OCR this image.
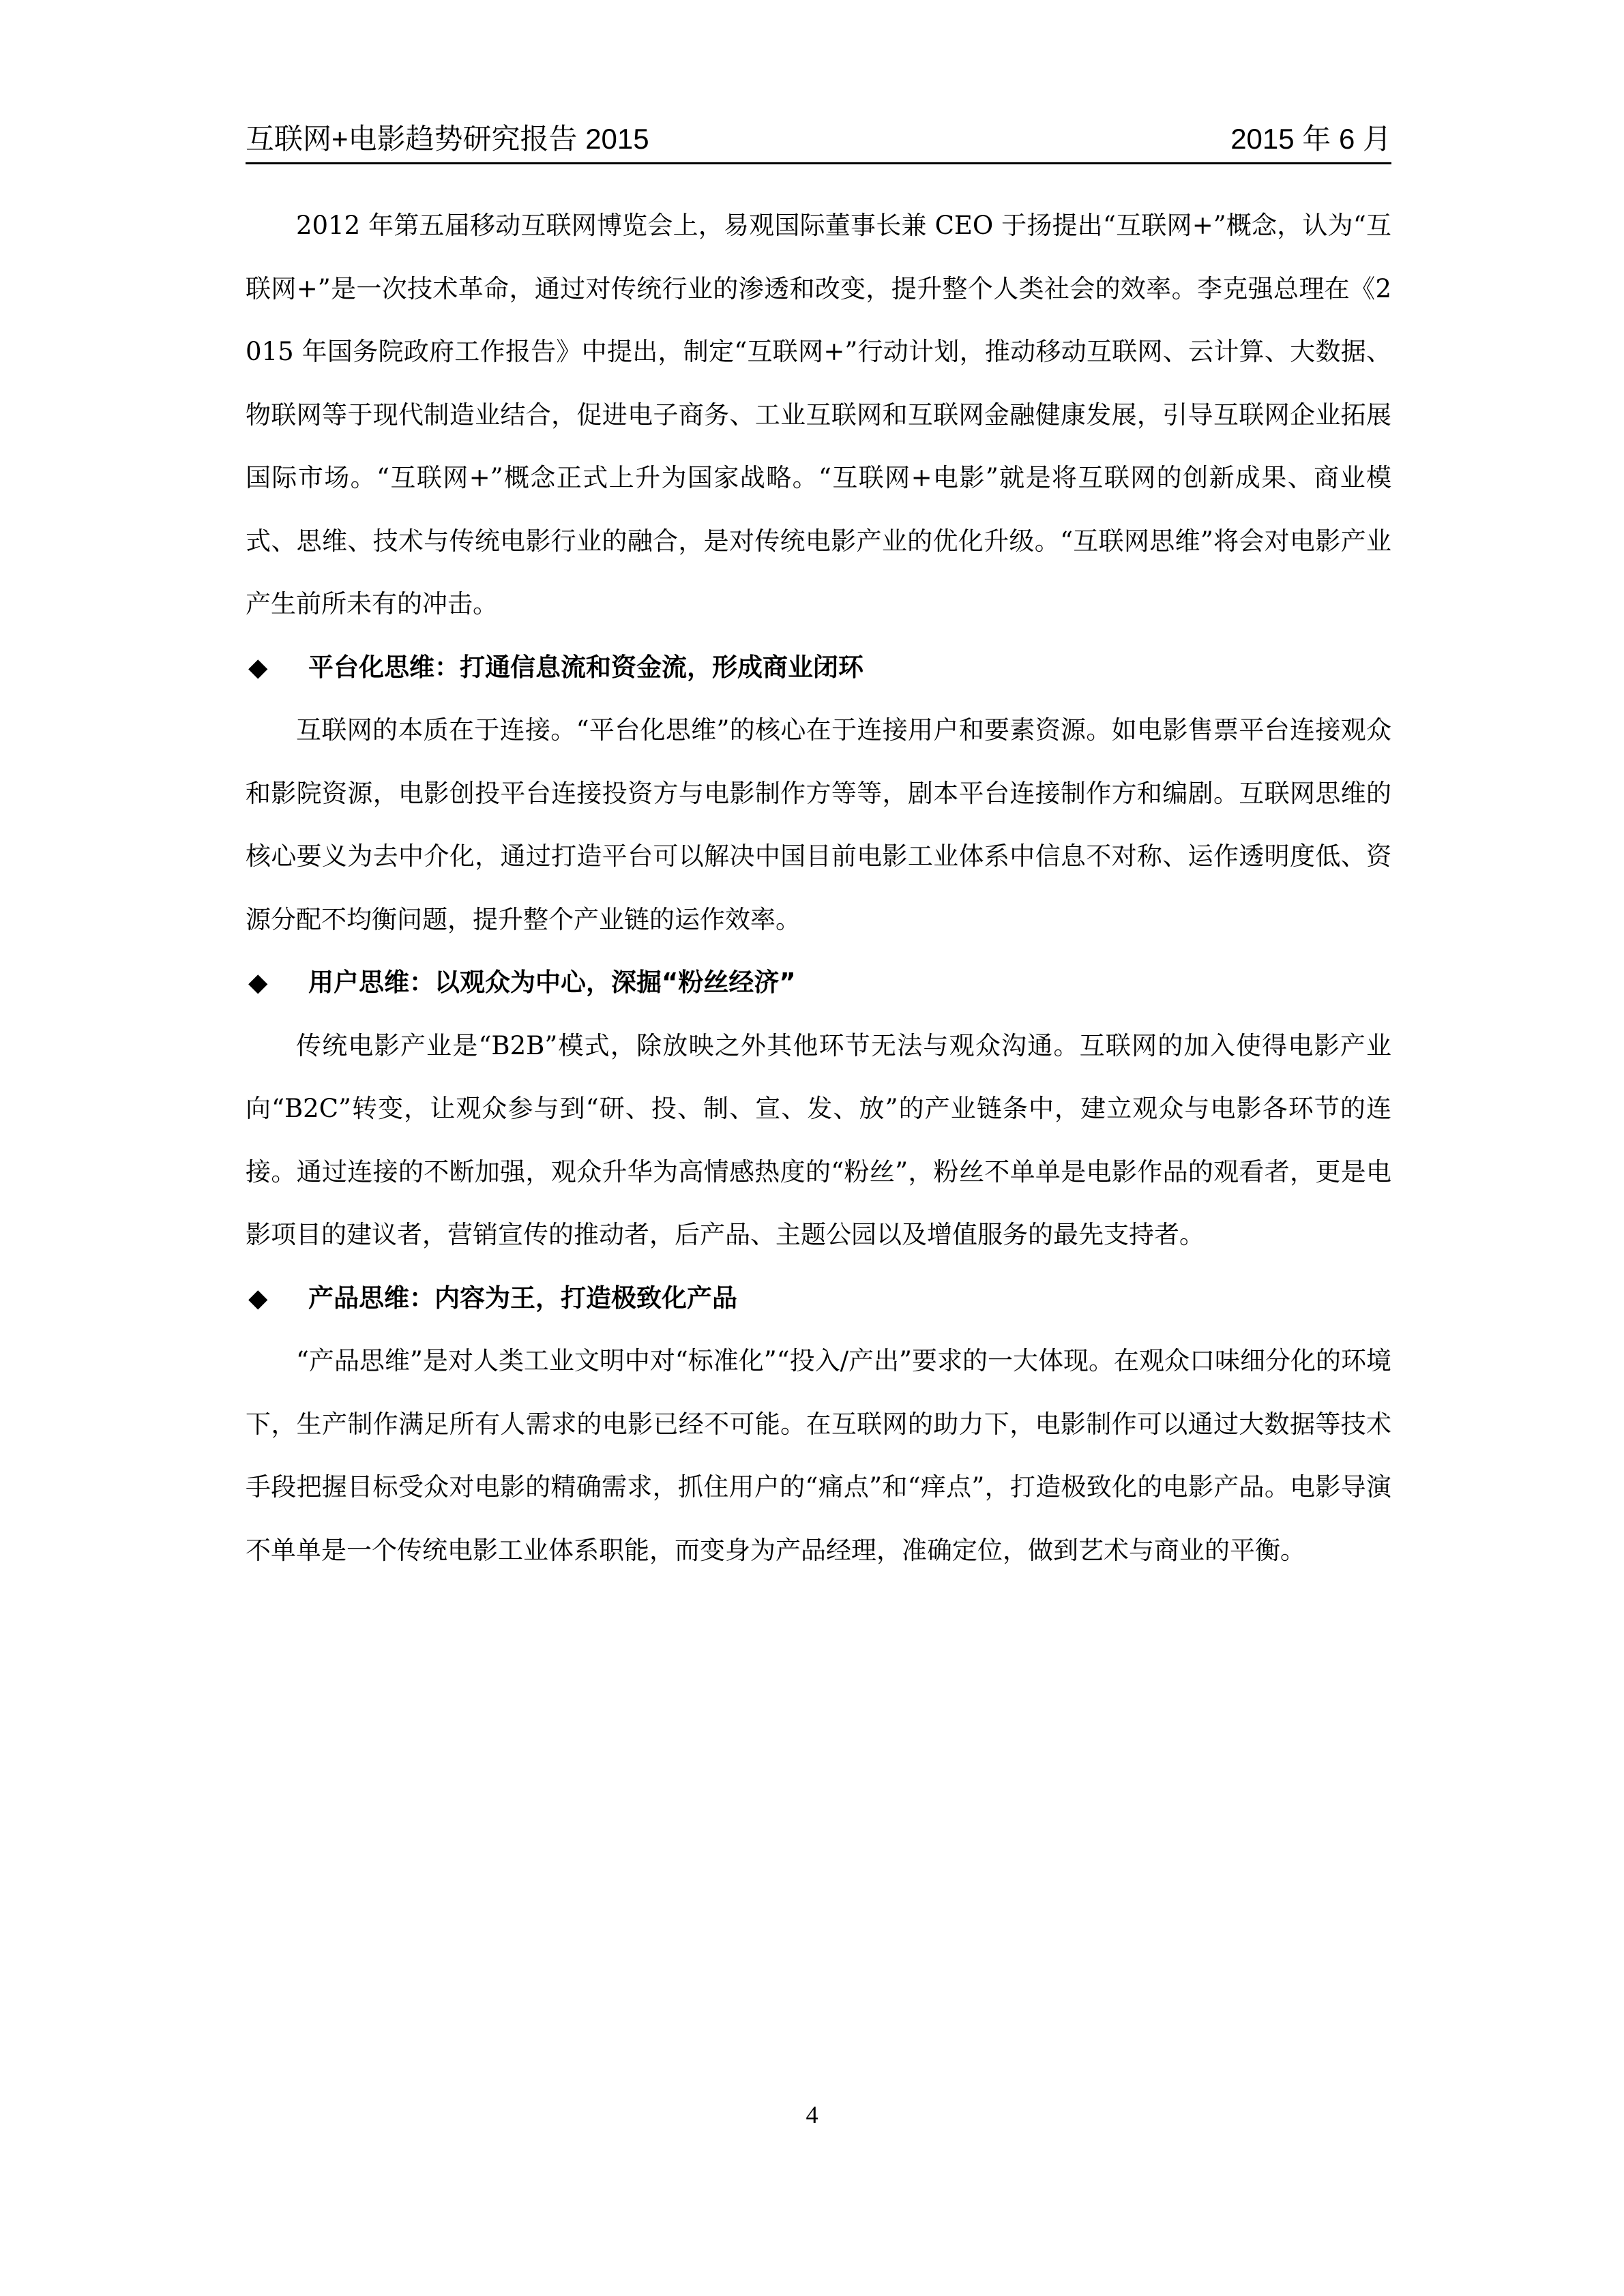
互联网+电影趋势研究报告 2015	2015 年 6 月

2012 年第五届移动互联网博览会上，易观国际董事长兼 CEO 于扬提出“互联网+”概念，认为“互联网+”是一次技术革命，通过对传统行业的渗透和改变，提升整个人类社会的效率。李克强总理在《2015 年国务院政府工作报告》中提出，制定“互联网+”行动计划，推动移动互联网、云计算、大数据、物联网等于现代制造业结合，促进电子商务、工业互联网和互联网金融健康发展，引导互联网企业拓展国际市场。“互联网+”概念正式上升为国家战略。“互联网+电影”就是将互联网的创新成果、商业模式、思维、技术与传统电影行业的融合，是对传统电影产业的优化升级。“互联网思维”将会对电影产业产生前所未有的冲击。

◆ 平台化思维：打通信息流和资金流，形成商业闭环

互联网的本质在于连接。“平台化思维”的核心在于连接用户和要素资源。如电影售票平台连接观众和影院资源，电影创投平台连接投资方与电影制作方等等，剧本平台连接制作方和编剧。互联网思维的核心要义为去中介化，通过打造平台可以解决中国目前电影工业体系中信息不对称、运作透明度低、资源分配不均衡问题，提升整个产业链的运作效率。

◆ 用户思维：以观众为中心，深掘“粉丝经济”

传统电影产业是“B2B”模式，除放映之外其他环节无法与观众沟通。互联网的加入使得电影产业向“B2C”转变，让观众参与到“研、投、制、宣、发、放”的产业链条中，建立观众与电影各环节的连接。通过连接的不断加强，观众升华为高情感热度的“粉丝”，粉丝不单单是电影作品的观看者，更是电影项目的建议者，营销宣传的推动者，后产品、主题公园以及增值服务的最先支持者。

◆ 产品思维：内容为王，打造极致化产品

“产品思维”是对人类工业文明中对“标准化”“投入/产出”要求的一大体现。在观众口味细分化的环境下，生产制作满足所有人需求的电影已经不可能。在互联网的助力下，电影制作可以通过大数据等技术手段把握目标受众对电影的精确需求，抓住用户的“痛点”和“痒点”，打造极致化的电影产品。电影导演不单单是一个传统电影工业体系职能，而变身为产品经理，准确定位，做到艺术与商业的平衡。

4
